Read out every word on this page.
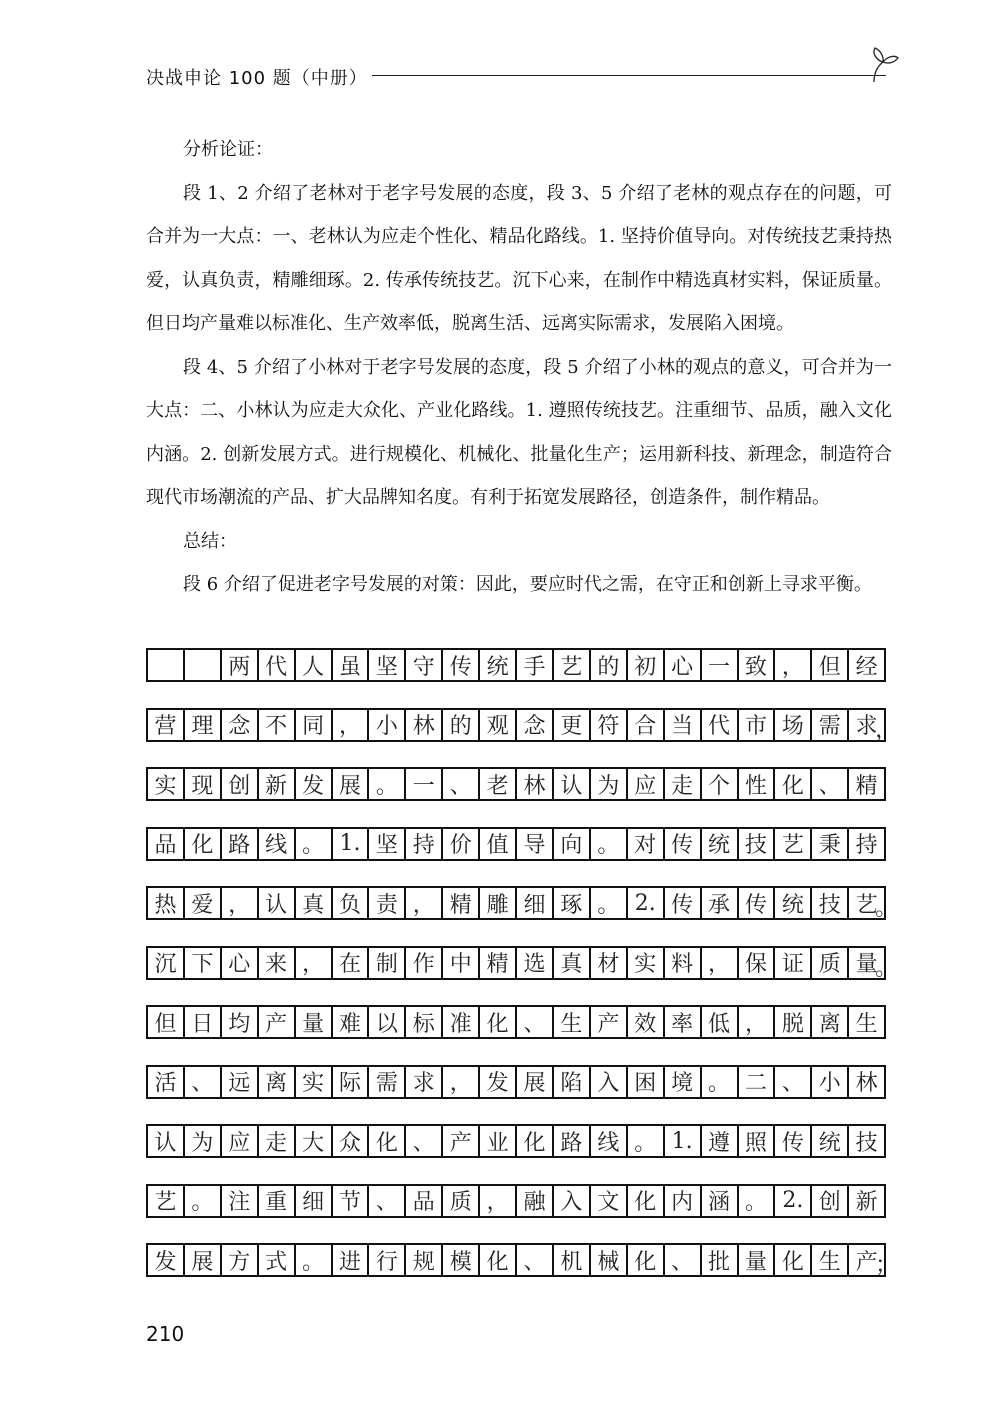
决战申论 100 题（中册）

分析论证：

段 1、2 介绍了老林对于老字号发展的态度，段 3、5 介绍了老林的观点存在的问题，可合并为一大点：一、老林认为应走个性化、精品化路线。1. 坚持价值导向。对传统技艺秉持热爱，认真负责，精雕细琢。2. 传承传统技艺。沉下心来，在制作中精选真材实料，保证质量。但日均产量难以标准化、生产效率低，脱离生活、远离实际需求，发展陷入困境。

段 4、5 介绍了小林对于老字号发展的态度，段 5 介绍了小林的观点的意义，可合并为一大点：二、小林认为应走大众化、产业化路线。1. 遵照传统技艺。注重细节、品质，融入文化内涵。2. 创新发展方式。进行规模化、机械化、批量化生产；运用新科技、新理念，制造符合现代市场潮流的产品、扩大品牌知名度。有利于拓宽发展路径，创造条件，制作精品。

总结：

段 6 介绍了促进老字号发展的对策：因此，要应时代之需，在守正和创新上寻求平衡。

两 代 人 虽 坚 守 传 统 手 艺 的 初 心 一 致 ， 但 经
营 理 念 不 同 ， 小 林 的 观 念 更 符 合 当 代 市 场 需 求
，
实 现 创 新 发 展 。 一 、 老 林 认 为 应 走 个 性 化 、 精
品 化 路 线 。 1. 坚 持 价 值 导 向 。 对 传 统 技 艺 秉 持
热 爱 ， 认 真 负 责 ， 精 雕 细 琢 。 2. 传 承 传 统 技 艺
。
沉 下 心 来 ， 在 制 作 中 精 选 真 材 实 料 ， 保 证 质 量
。
但 日 均 产 量 难 以 标 准 化 、 生 产 效 率 低 ， 脱 离 生
活 、 远 离 实 际 需 求 ， 发 展 陷 入 困 境 。 二 、 小 林
认 为 应 走 大 众 化 、 产 业 化 路 线 。 1. 遵 照 传 统 技
艺 。 注 重 细 节 、 品 质 ， 融 入 文 化 内 涵 。 2. 创 新
发 展 方 式 。 进 行 规 模 化 、 机 械 化 、 批 量 化 生 产
；
210
